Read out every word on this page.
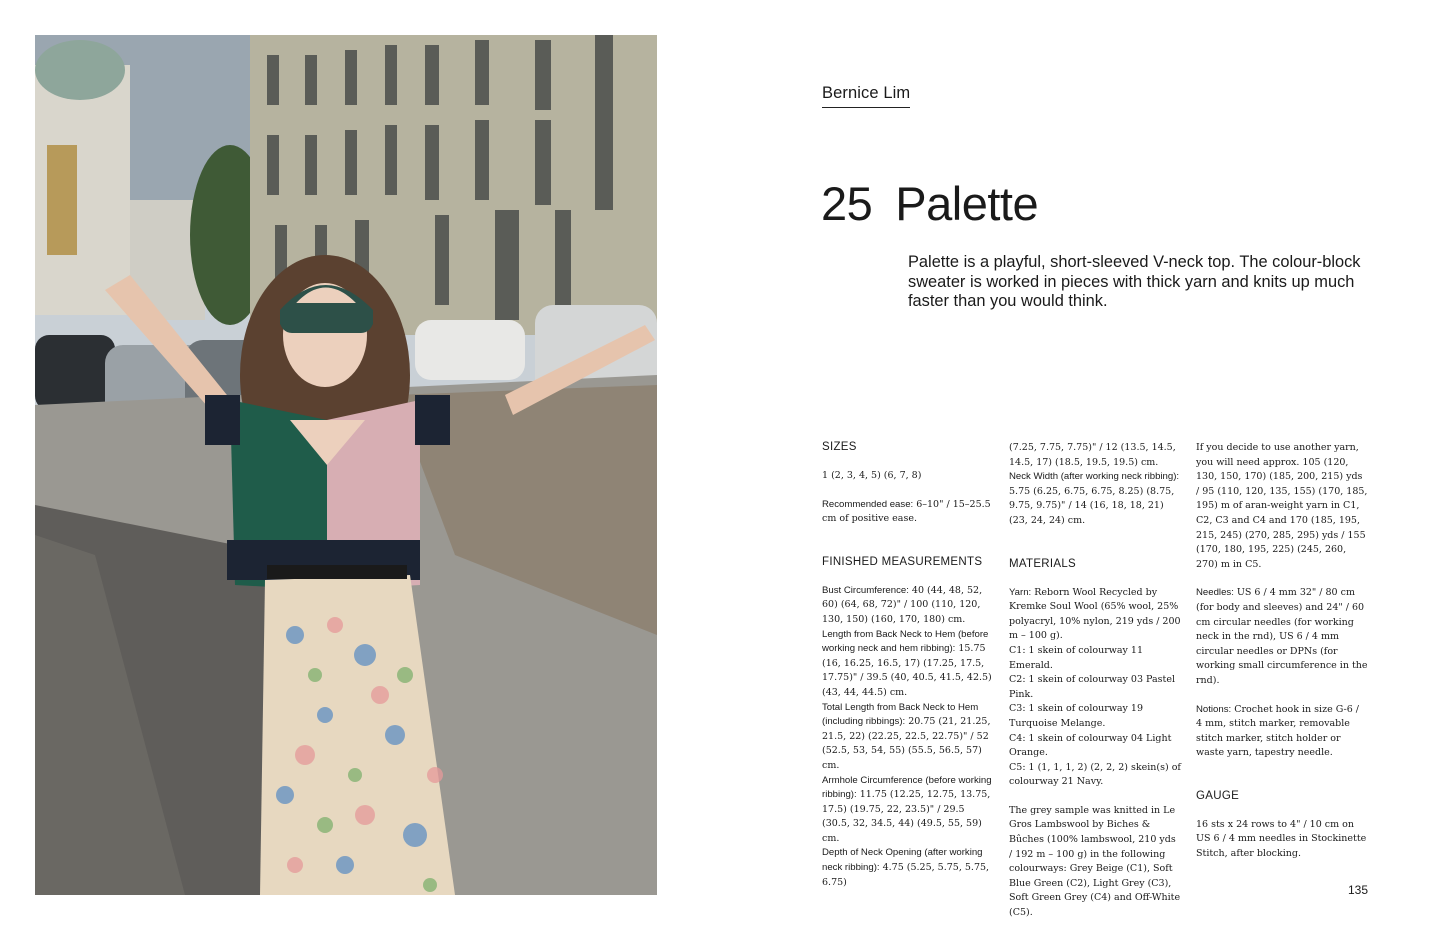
Bernice Lim
25 Palette
Palette is a playful, short-sleeved V-neck top. The colour-block sweater is worked in pieces with thick yarn and knits up much faster than you would think.

SIZES

1 (2, 3, 4, 5) (6, 7, 8)

Recommended ease: 6–10" / 15–25.5 cm of positive ease.

FINISHED MEASUREMENTS

Bust Circumference: 40 (44, 48, 52, 60) (64, 68, 72)" / 100 (110, 120, 130, 150) (160, 170, 180) cm.

Length from Back Neck to Hem (before working neck and hem ribbing): 15.75 (16, 16.25, 16.5, 17) (17.25, 17.5, 17.75)" / 39.5 (40, 40.5, 41.5, 42.5) (43, 44, 44.5) cm.

Total Length from Back Neck to Hem (including ribbings): 20.75 (21, 21.25, 21.5, 22) (22.25, 22.5, 22.75)" / 52 (52.5, 53, 54, 55) (55.5, 56.5, 57) cm.

Armhole Circumference (before working ribbing): 11.75 (12.25, 12.75, 13.75, 17.5) (19.75, 22, 23.5)" / 29.5 (30.5, 32, 34.5, 44) (49.5, 55, 59) cm.

Depth of Neck Opening (after working neck ribbing): 4.75 (5.25, 5.75, 5.75, 6.75)

(7.25, 7.75, 7.75)" / 12 (13.5, 14.5, 14.5, 17) (18.5, 19.5, 19.5) cm.

Neck Width (after working neck ribbing): 5.75 (6.25, 6.75, 6.75, 8.25) (8.75, 9.75, 9.75)" / 14 (16, 18, 18, 21) (23, 24, 24) cm.

MATERIALS

Yarn: Reborn Wool Recycled by Kremke Soul Wool (65% wool, 25% polyacryl, 10% nylon, 219 yds / 200 m – 100 g).

C1: 1 skein of colourway 11 Emerald.

C2: 1 skein of colourway 03 Pastel Pink.

C3: 1 skein of colourway 19 Turquoise Melange.

C4: 1 skein of colourway 04 Light Orange.

C5: 1 (1, 1, 1, 2) (2, 2, 2) skein(s) of colourway 21 Navy.

The grey sample was knitted in Le Gros Lambswool by Biches & Bûches (100% lambswool, 210 yds / 192 m – 100 g) in the following colourways: Grey Beige (C1), Soft Blue Green (C2), Light Grey (C3), Soft Green Grey (C4) and Off-White (C5).

If you decide to use another yarn, you will need approx. 105 (120, 130, 150, 170) (185, 200, 215) yds / 95 (110, 120, 135, 155) (170, 185, 195) m of aran-weight yarn in C1, C2, C3 and C4 and 170 (185, 195, 215, 245) (270, 285, 295) yds / 155 (170, 180, 195, 225) (245, 260, 270) m in C5.

Needles: US 6 / 4 mm 32" / 80 cm (for body and sleeves) and 24" / 60 cm circular needles (for working neck in the rnd), US 6 / 4 mm circular needles or DPNs (for working small circumference in the rnd).

Notions: Crochet hook in size G-6 / 4 mm, stitch marker, removable stitch marker, stitch holder or waste yarn, tapestry needle.

GAUGE

16 sts x 24 rows to 4" / 10 cm on US 6 / 4 mm needles in Stockinette Stitch, after blocking.

135
